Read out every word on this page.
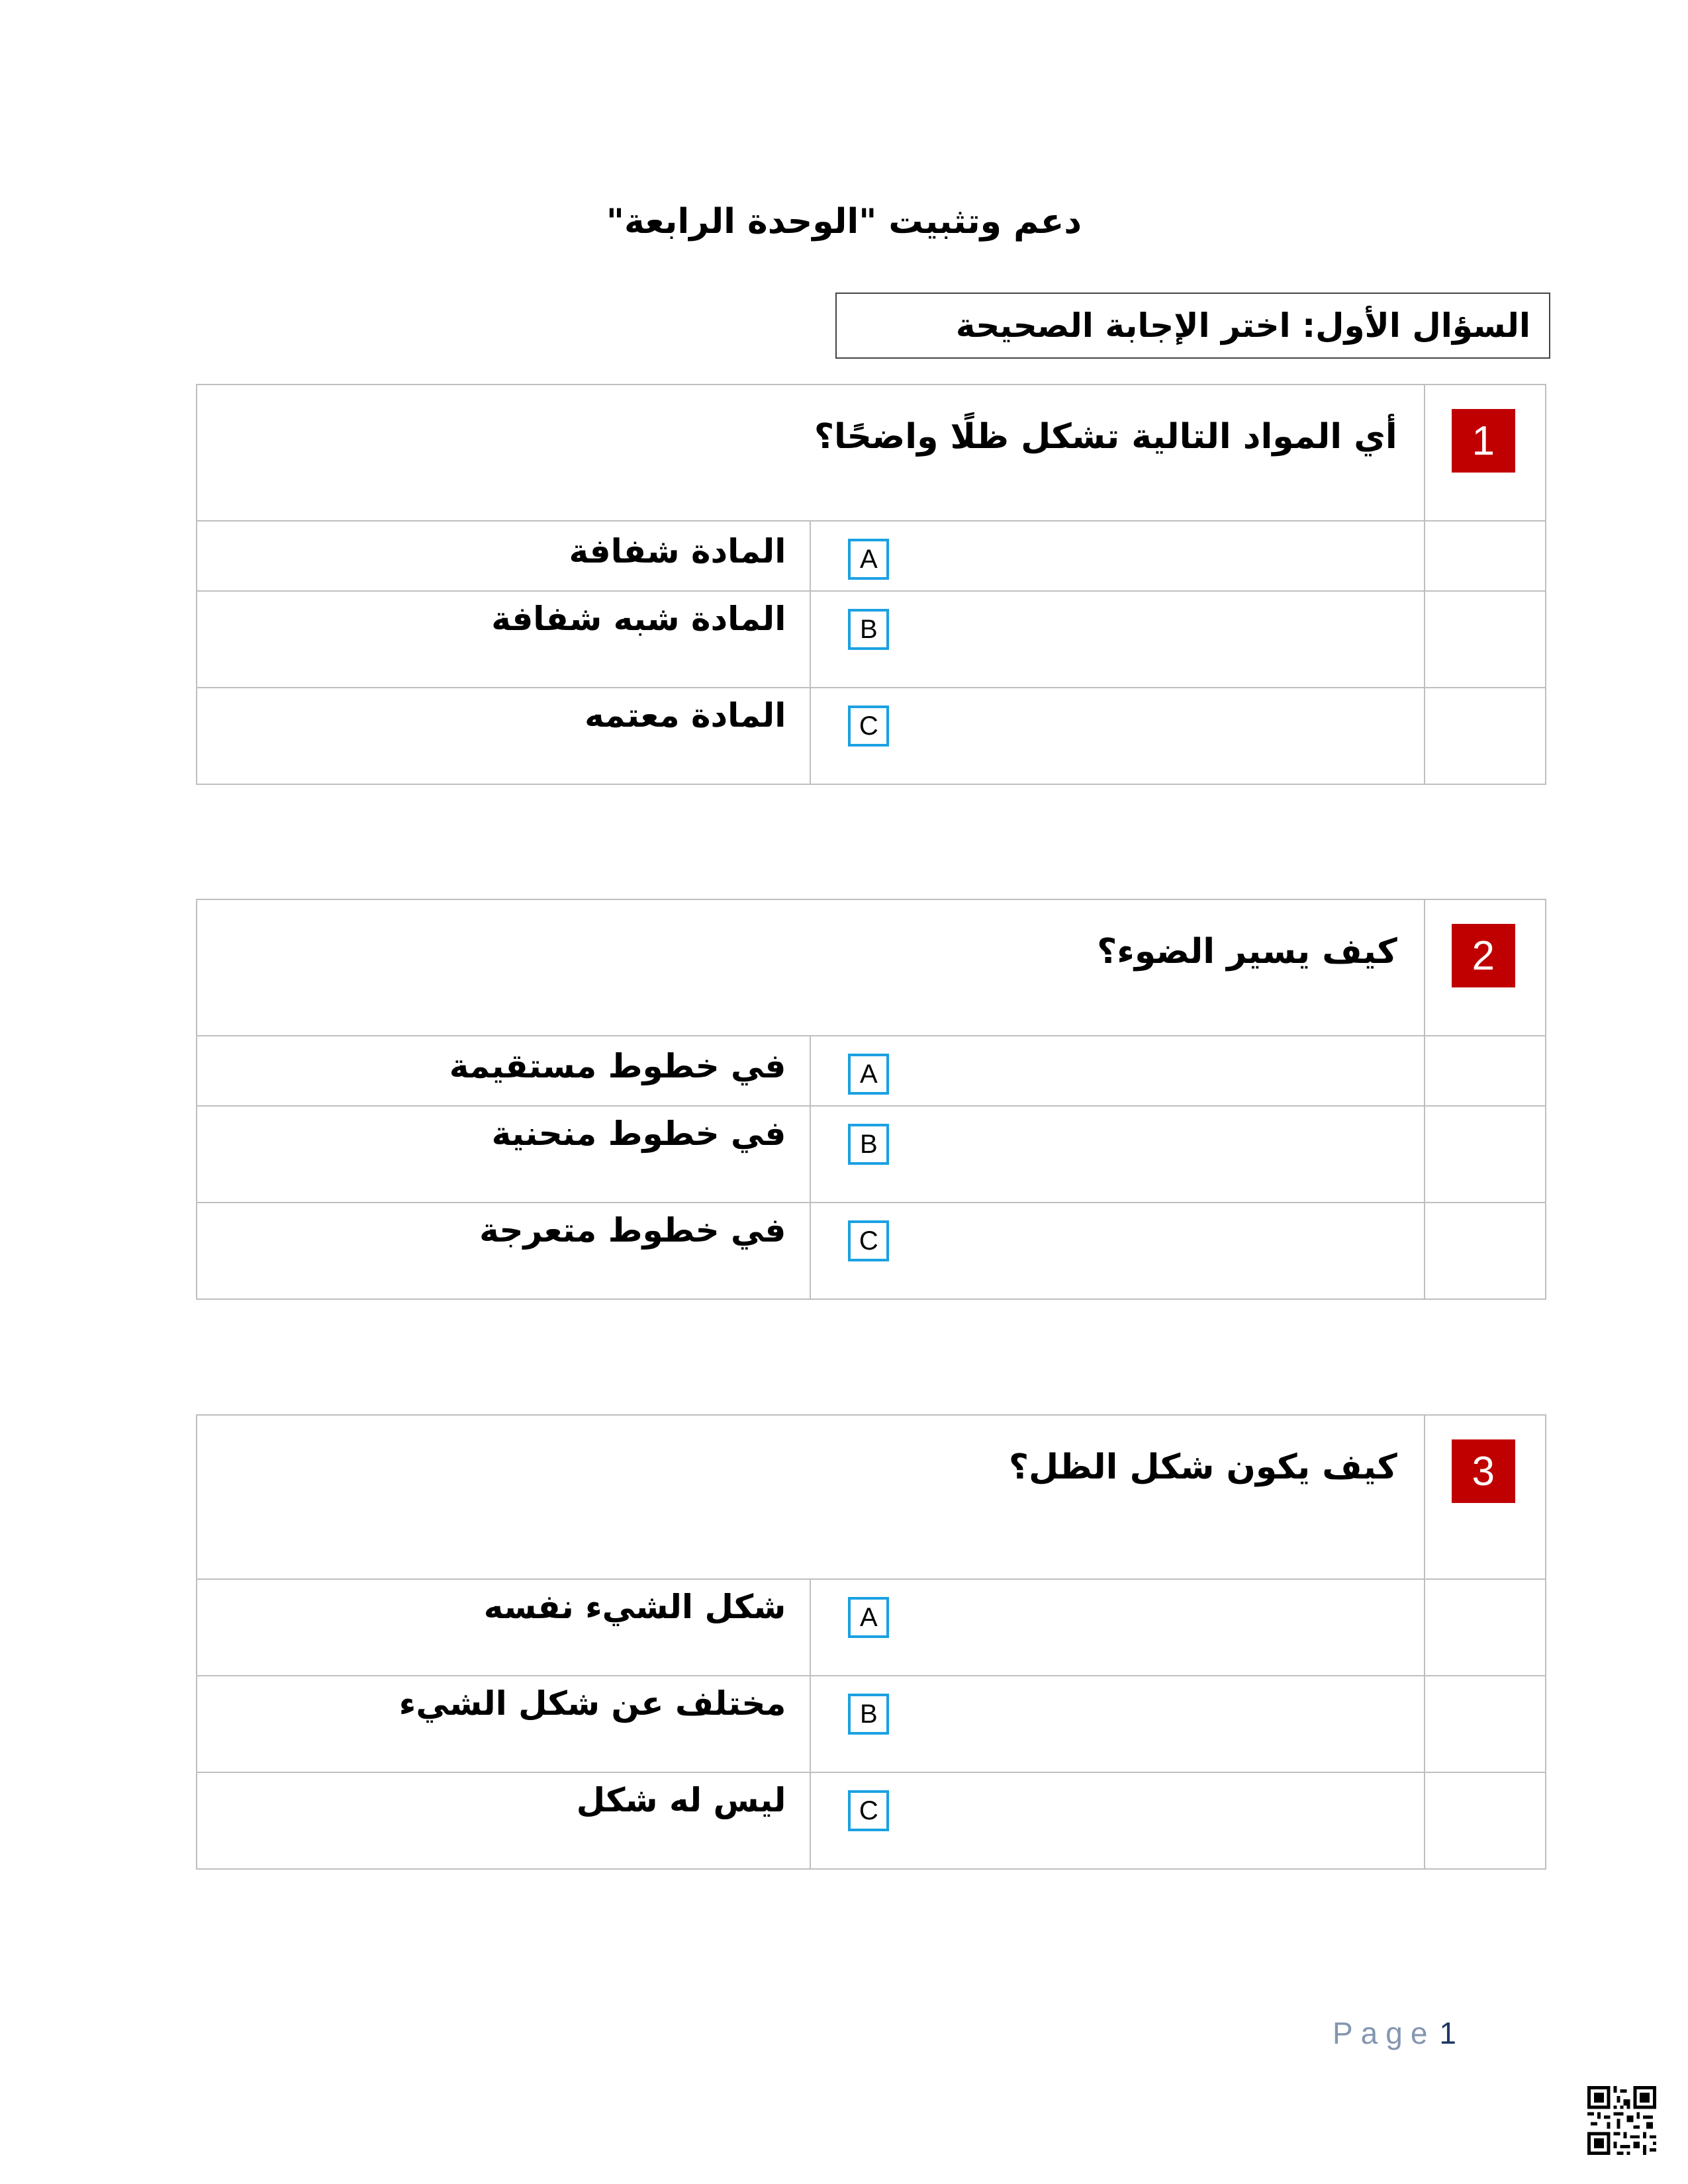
دعم وتثبيت "الوحدة الرابعة"
السؤال الأول: اختر الإجابة الصحيحة
أي المواد التالية تشكل ظلًا واضحًا؟		1

المادة شفافة	A	

المادة شبه شفافة	B	

المادة معتمه	C	

كيف يسير الضوء؟		2

في خطوط مستقيمة	A	

في خطوط منحنية	B	

في خطوط متعرجة	C	

كيف يكون شكل الظل؟		3

شكل الشيء نفسه	A	

مختلف عن شكل الشيء	B	

ليس له شكل	C	

Page 1
